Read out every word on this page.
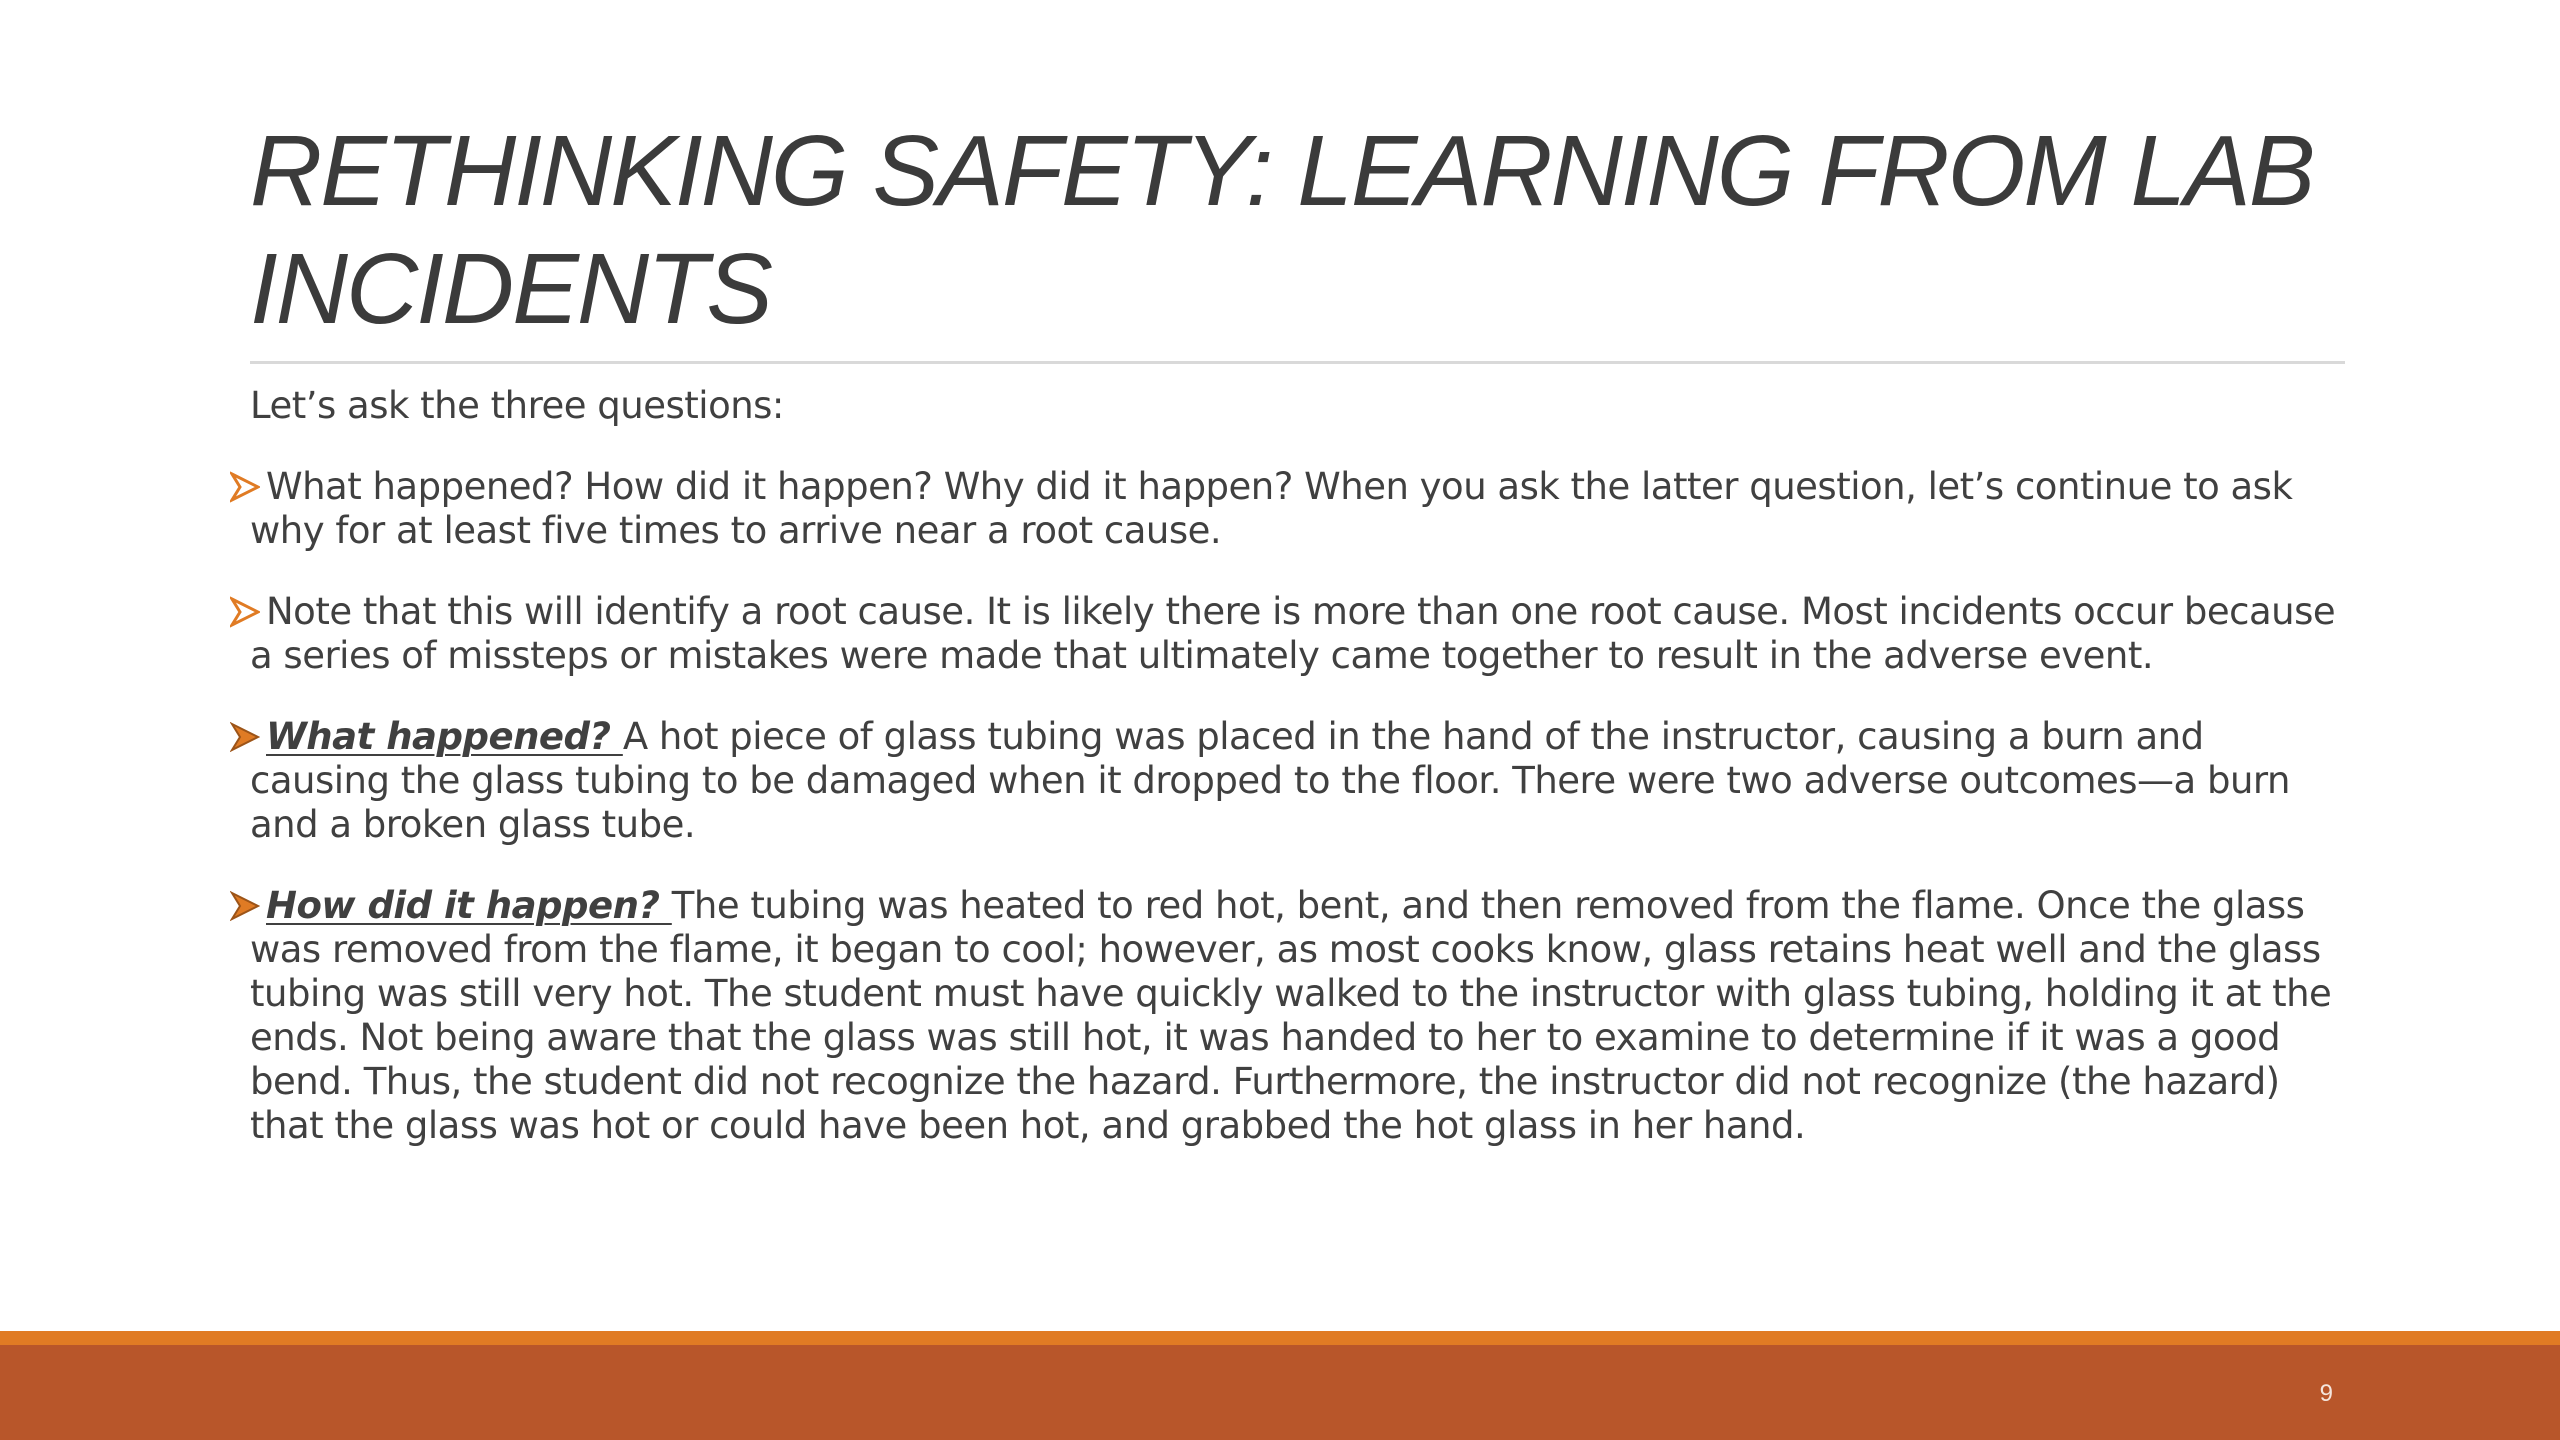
RETHINKING SAFETY: LEARNING FROM LAB INCIDENTS

Let’s ask the three questions:

What happened? How did it happen? Why did it happen? When you ask the latter question, let’s continue to ask why for at least five times to arrive near a root cause.
Note that this will identify a root cause. It is likely there is more than one root cause. Most incidents occur because a series of missteps or mistakes were made that ultimately came together to result in the adverse event.
What happened? A hot piece of glass tubing was placed in the hand of the instructor, causing a burn and causing the glass tubing to be damaged when it dropped to the floor. There were two adverse outcomes—a burn and a broken glass tube.
How did it happen? The tubing was heated to red hot, bent, and then removed from the flame. Once the glass was removed from the flame, it began to cool; however, as most cooks know, glass retains heat well and the glass tubing was still very hot. The student must have quickly walked to the instructor with glass tubing, holding it at the ends. Not being aware that the glass was still hot, it was handed to her to examine to determine if it was a good bend. Thus, the student did not recognize the hazard. Furthermore, the instructor did not recognize (the hazard) that the glass was hot or could have been hot, and grabbed the hot glass in her hand.
9
